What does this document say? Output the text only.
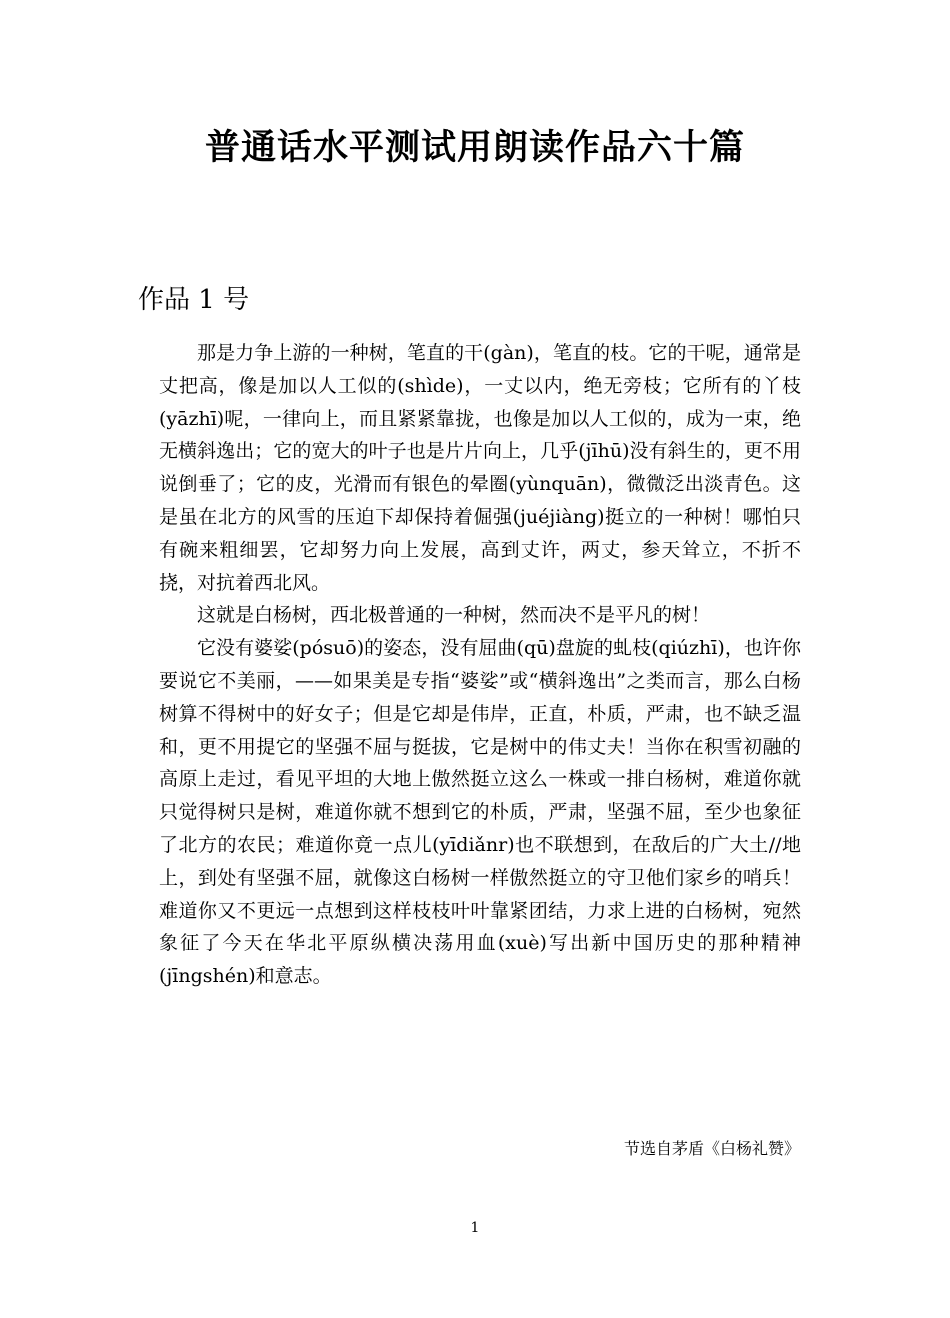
普通话水平测试用朗读作品六十篇
作品 1 号

那是力争上游的一种树，笔直的干(gàn)，笔直的枝。它的干呢，通常是丈把高，像是加以人工似的(shìde)，一丈以内，绝无旁枝；它所有的丫枝(yāzhī)呢，一律向上，而且紧紧靠拢，也像是加以人工似的，成为一束，绝无横斜逸出；它的宽大的叶子也是片片向上，几乎(jīhū)没有斜生的，更不用说倒垂了；它的皮，光滑而有银色的晕圈(yùnquān)，微微泛出淡青色。这是虽在北方的风雪的压迫下却保持着倔强(juéjiàng)挺立的一种树！哪怕只有碗来粗细罢，它却努力向上发展，高到丈许，两丈，参天耸立，不折不挠，对抗着西北风。

这就是白杨树，西北极普通的一种树，然而决不是平凡的树！

它没有婆娑(pósuō)的姿态，没有屈曲(qū)盘旋的虬枝(qiúzhī)，也许你要说它不美丽，——如果美是专指“婆娑”或“横斜逸出”之类而言，那么白杨树算不得树中的好女子；但是它却是伟岸，正直，朴质，严肃，也不缺乏温和，更不用提它的坚强不屈与挺拔，它是树中的伟丈夫！当你在积雪初融的高原上走过，看见平坦的大地上傲然挺立这么一株或一排白杨树，难道你就只觉得树只是树，难道你就不想到它的朴质，严肃，坚强不屈，至少也象征了北方的农民；难道你竟一点儿(yīdiǎnr)也不联想到，在敌后的广大土//地上，到处有坚强不屈，就像这白杨树一样傲然挺立的守卫他们家乡的哨兵！难道你又不更远一点想到这样枝枝叶叶靠紧团结，力求上进的白杨树，宛然象征了今天在华北平原纵横决荡用血(xuè)写出新中国历史的那种精神 (jīngshén)和意志。

节选自茅盾《白杨礼赞》
1
